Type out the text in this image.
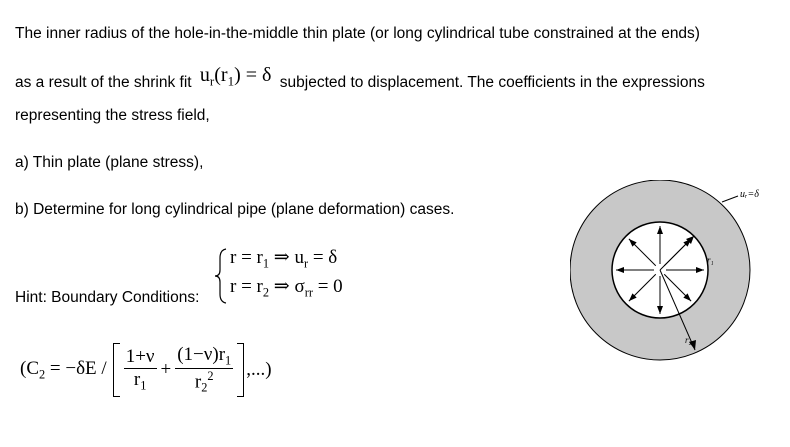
The inner radius of the hole-in-the-middle thin plate (or long cylindrical tube constrained at the ends)
as a result of the shrink fit $u_r(r_1) = \delta$ subjected to displacement. The coefficients in the expressions
representing the stress field,
a) Thin plate (plane stress),
b) Determine for long cylindrical pipe (plane deformation) cases.
Hint: Boundary Conditions:
$r = r_1$ ⇒ $u_r = \delta$
$r = r_2$ ⇒ $\sigma_{rr} = 0$
($C_2 = -\delta E / \frac{1+\nu}{r_1} + \frac{(1-\nu)r_1}{r_2^2}$ ,...)
uᵣ=δ
r₁
r₂
